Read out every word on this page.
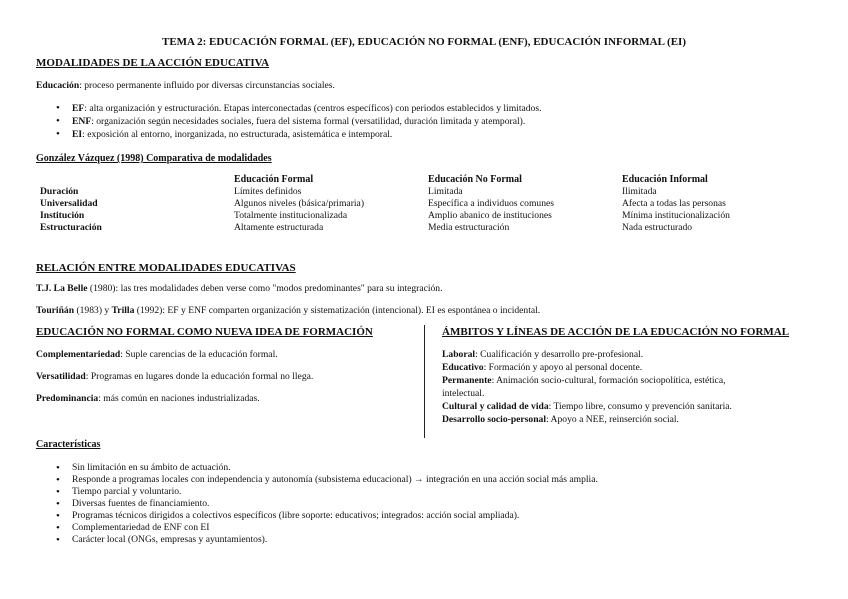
TEMA 2: EDUCACIÓN FORMAL (EF), EDUCACIÓN NO FORMAL (ENF), EDUCACIÓN INFORMAL (EI)
MODALIDADES DE LA ACCIÓN EDUCATIVA
Educación: proceso permanente influido por diversas circunstancias sociales.
• EF: alta organización y estructuración. Etapas interconectadas (centros específicos) con periodos establecidos y limitados.
• ENF: organización según necesidades sociales, fuera del sistema formal (versatilidad, duración limitada y atemporal).
• EI: exposición al entorno, inorganizada, no estructurada, asistemática e intemporal.
González Vázquez (1998) Comparativa de modalidades
	Educación Formal	Educación No Formal	Educación Informal
Duración	Límites definidos	Limitada	Ilimitada
Universalidad	Algunos niveles (básica/primaria)	Específica a individuos comunes	Afecta a todas las personas
Institución	Totalmente institucionalizada	Amplio abanico de instituciones	Mínima institucionalización
Estructuración	Altamente estructurada	Media estructuración	Nada estructurado
RELACIÓN ENTRE MODALIDADES EDUCATIVAS
T.J. La Belle (1980): las tres modalidades deben verse como "modos predominantes" para su integración.
Touriñán (1983) y Trilla (1992): EF y ENF comparten organización y sistematización (intencional). EI es espontánea o incidental.
EDUCACIÓN NO FORMAL COMO NUEVA IDEA DE FORMACIÓN
Complementariedad: Suple carencias de la educación formal.
Versatilidad: Programas en lugares donde la educación formal no llega.
Predominancia: más común en naciones industrializadas.
ÁMBITOS Y LÍNEAS DE ACCIÓN DE LA EDUCACIÓN NO FORMAL
Laboral: Cualificación y desarrollo pre-profesional.
Educativo: Formación y apoyo al personal docente.
Permanente: Animación socio-cultural, formación sociopolítica, estética,
intelectual.
Cultural y calidad de vida: Tiempo libre, consumo y prevención sanitaria.
Desarrollo socio-personal: Apoyo a NEE, reinserción social.
Características
• Sin limitación en su ámbito de actuación.
• Responde a programas locales con independencia y autonomía (subsistema educacional) → integración en una acción social más amplia.
• Tiempo parcial y voluntario.
• Diversas fuentes de financiamiento.
• Programas técnicos dirigidos a colectivos específicos (libre soporte: educativos; integrados: acción social ampliada).
• Complementariedad de ENF con EI
• Carácter local (ONGs, empresas y ayuntamientos).
